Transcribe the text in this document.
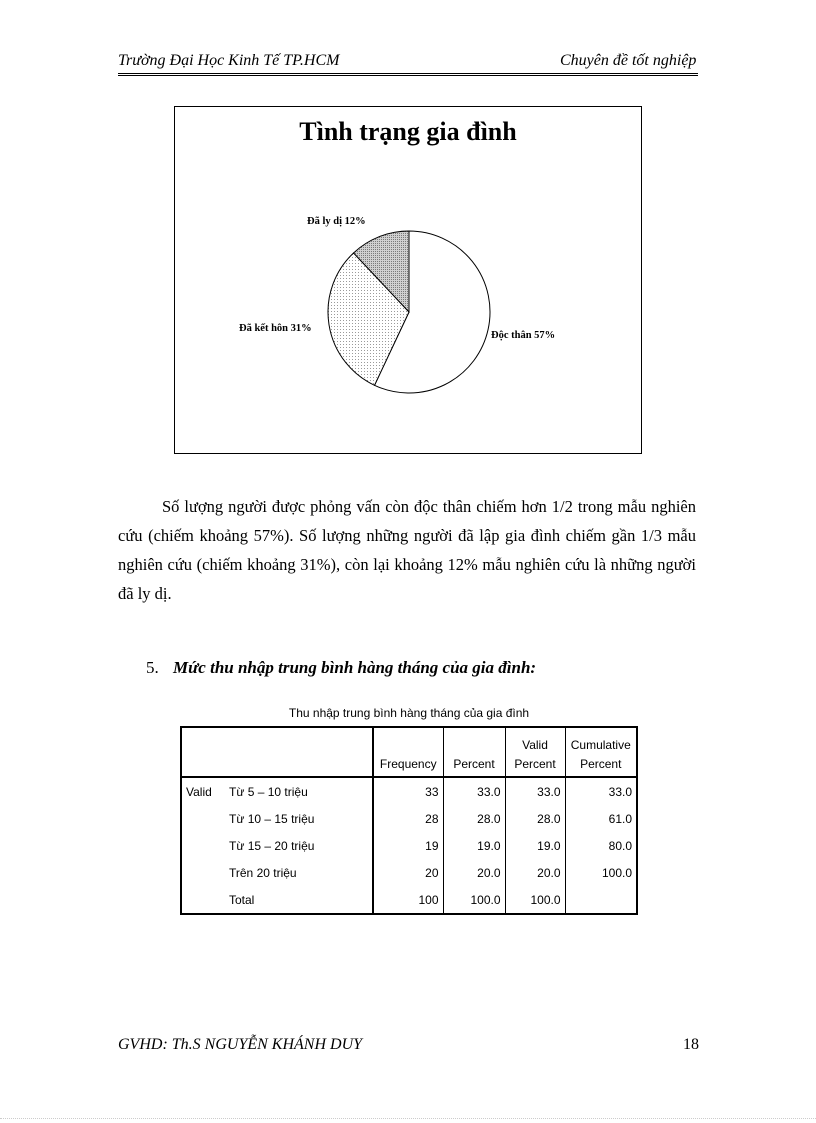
Trường Đại Học Kinh Tế TP.HCM	Chuyên đề tốt nghiệp
Độc thân 57%
Đã kết hôn 31%
Đã ly dị 12%
Tình trạng gia đình
Số lượng người được phỏng vấn còn độc thân chiếm hơn 1/2 trong mẫu nghiên cứu (chiếm khoảng 57%). Số lượng những người đã lập gia đình chiếm gần 1/3 mẫu nghiên cứu (chiếm khoảng 31%), còn lại khoảng 12% mẫu nghiên cứu là những người đã ly dị.
5. Mức thu nhập trung bình hàng tháng của gia đình:
Thu nhập trung bình hàng tháng của gia đình
				Valid	Cumulative
		Frequency	Percent	Percent	Percent
Valid	Từ 5 – 10 triệu	33	33.0	33.0	33.0
	Từ 10 – 15 triệu	28	28.0	28.0	61.0
	Từ 15 – 20 triệu	19	19.0	19.0	80.0
	Trên 20 triệu	20	20.0	20.0	100.0
	Total	100	100.0	100.0	
GVHD: Th.S NGUYỄN KHÁNH DUY	18
